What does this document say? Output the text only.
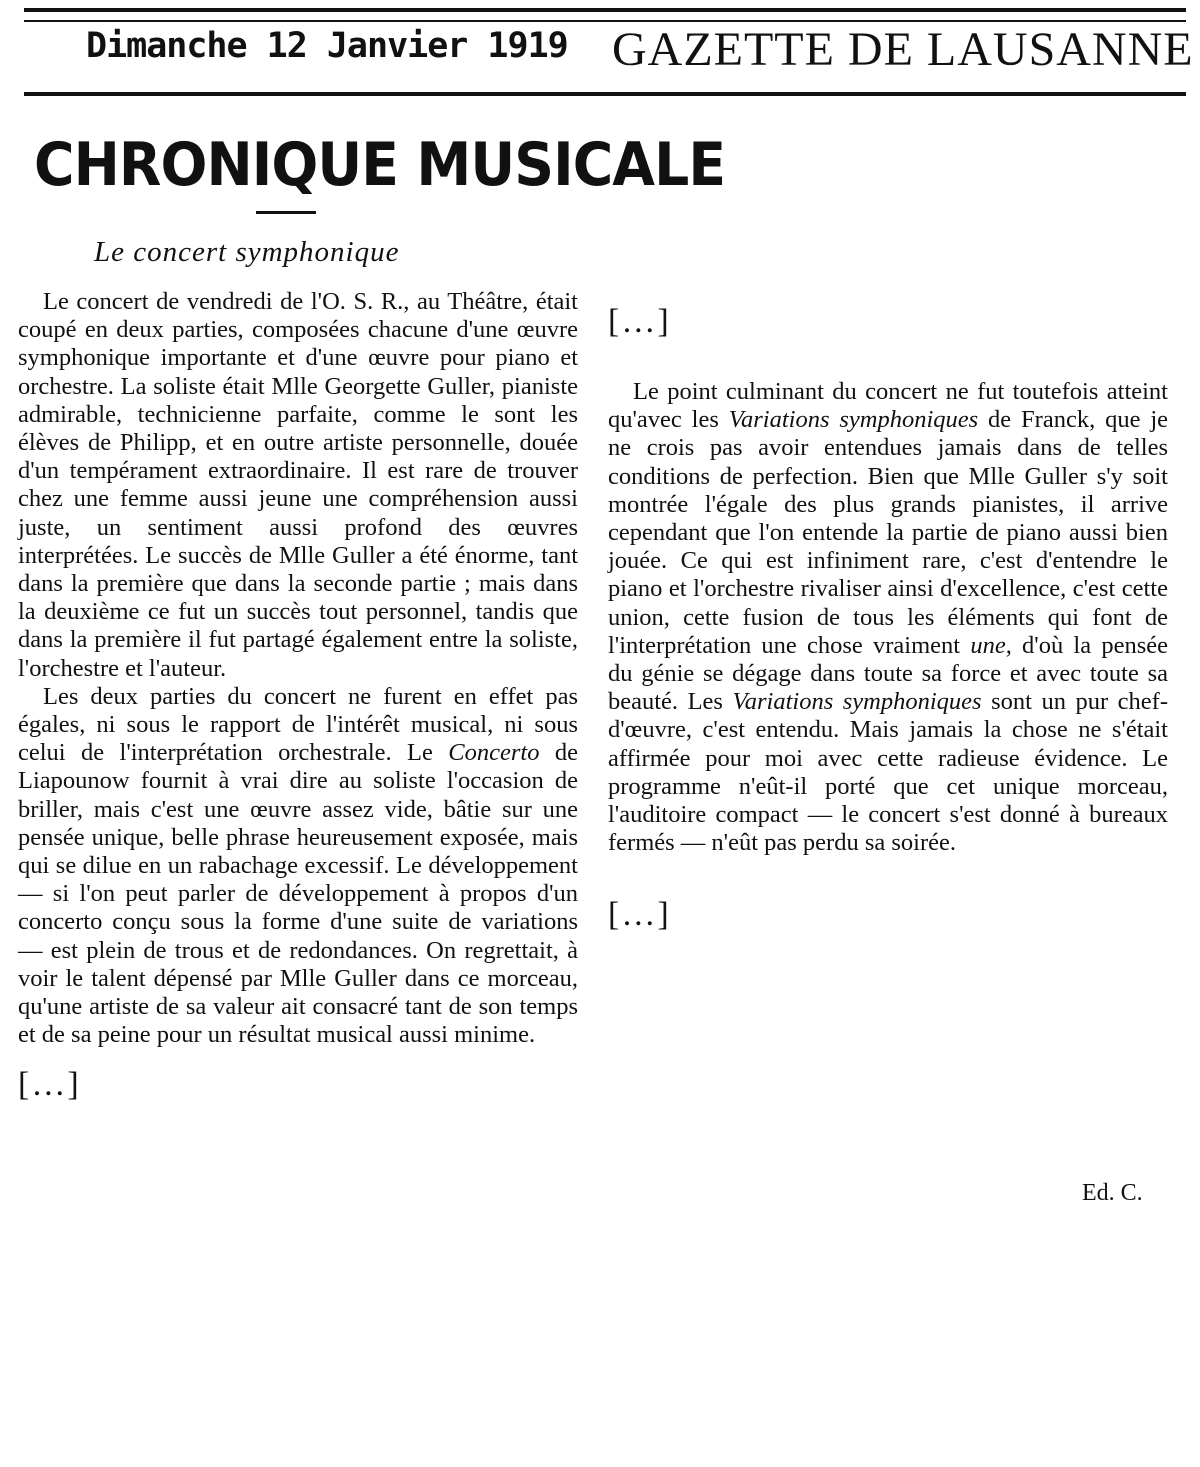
Dimanche 12 Janvier 1919 GAZETTE DE LAUSANNE
CHRONIQUE MUSICALE
Le concert symphonique

Le concert de vendredi de l'O. S. R., au Théâtre, était coupé en deux parties, composées chacune d'une œuvre symphonique importante et d'une œuvre pour piano et orchestre. La soliste était Mlle Georgette Guller, pianiste admirable, technicienne parfaite, comme le sont les élèves de Philipp, et en outre artiste personnelle, douée d'un tempérament extraordinaire. Il est rare de trouver chez une femme aussi jeune une compréhension aussi juste, un sentiment aussi profond des œuvres interprétées. Le succès de Mlle Guller a été énorme, tant dans la première que dans la seconde partie ; mais dans la deuxième ce fut un succès tout personnel, tandis que dans la première il fut partagé également entre la soliste, l'orchestre et l'auteur.

Les deux parties du concert ne furent en effet pas égales, ni sous le rapport de l'intérêt musical, ni sous celui de l'interprétation orchestrale. Le Concerto de Liapounow fournit à vrai dire au soliste l'occasion de briller, mais c'est une œuvre assez vide, bâtie sur une pensée unique, belle phrase heureusement exposée, mais qui se dilue en un rabachage excessif. Le développement — si l'on peut parler de développement à propos d'un concerto conçu sous la forme d'une suite de variations — est plein de trous et de redondances. On regrettait, à voir le talent dépensé par Mlle Guller dans ce morceau, qu'une artiste de sa valeur ait consacré tant de son temps et de sa peine pour un résultat musical aussi minime.

[…]
[…]

Le point culminant du concert ne fut toutefois atteint qu'avec les Variations symphoniques de Franck, que je ne crois pas avoir entendues jamais dans de telles conditions de perfection. Bien que Mlle Guller s'y soit montrée l'égale des plus grands pianistes, il arrive cependant que l'on entende la partie de piano aussi bien jouée. Ce qui est infiniment rare, c'est d'entendre le piano et l'orchestre rivaliser ainsi d'excellence, c'est cette union, cette fusion de tous les éléments qui font de l'interprétation une chose vraiment une, d'où la pensée du génie se dégage dans toute sa force et avec toute sa beauté. Les Variations symphoniques sont un pur chef-d'œuvre, c'est entendu. Mais jamais la chose ne s'était affirmée pour moi avec cette radieuse évidence. Le programme n'eût-il porté que cet unique morceau, l'auditoire compact — le concert s'est donné à bureaux fermés — n'eût pas perdu sa soirée.

[…]
Ed. C.
